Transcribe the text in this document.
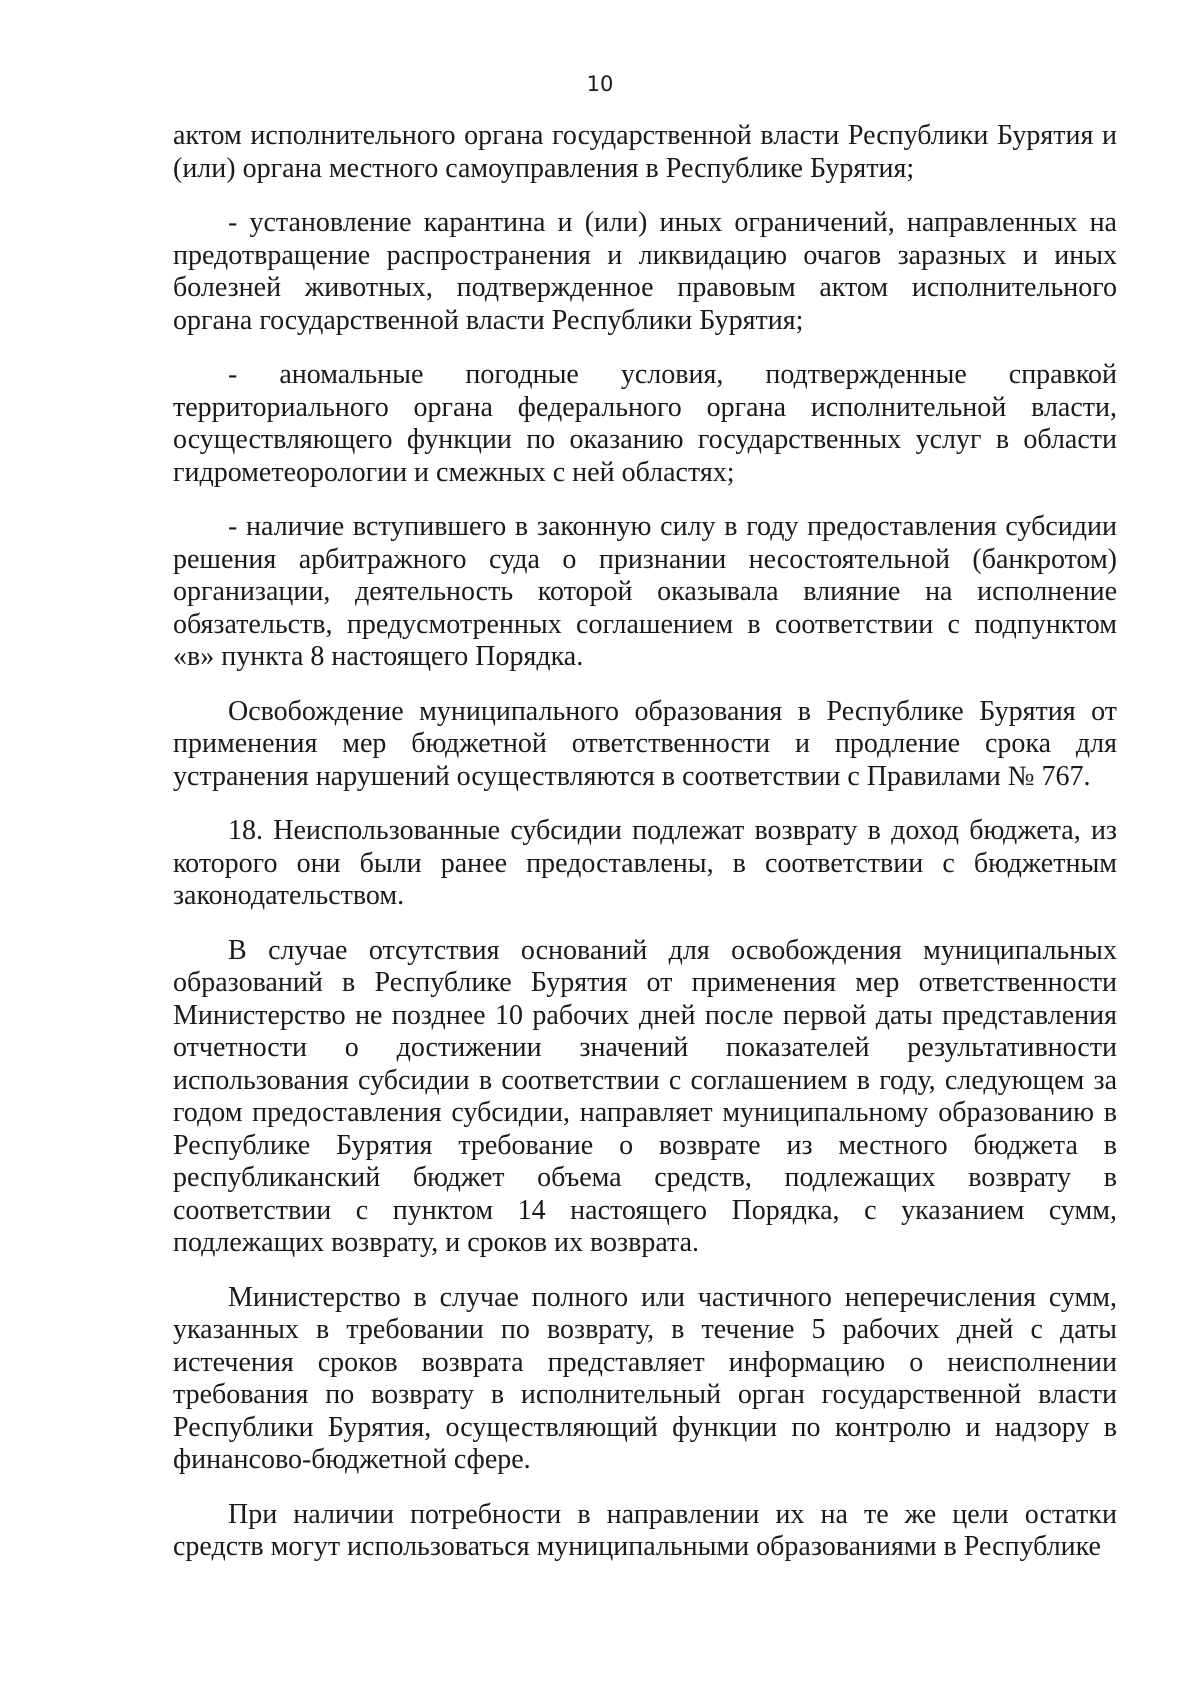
10

актом исполнительного органа государственной власти Республики Бурятия и (или) органа местного самоуправления в Республике Бурятия;

- установление карантина и (или) иных ограничений, направленных на предотвращение распространения и ликвидацию очагов заразных и иных болезней животных, подтвержденное правовым актом исполнительного органа государственной власти Республики Бурятия;

- аномальные погодные условия, подтвержденные справкой территориального органа федерального органа исполнительной власти, осуществляющего функции по оказанию государственных услуг в области гидрометеорологии и смежных с ней областях;

- наличие вступившего в законную силу в году предоставления субсидии решения арбитражного суда о признании несостоятельной (банкротом) организации, деятельность которой оказывала влияние на исполнение обязательств, предусмотренных соглашением в соответствии с подпунктом «в» пункта 8 настоящего Порядка.

Освобождение муниципального образования в Республике Бурятия от применения мер бюджетной ответственности и продление срока для устранения нарушений осуществляются в соответствии с Правилами № 767.

18. Неиспользованные субсидии подлежат возврату в доход бюджета, из которого они были ранее предоставлены, в соответствии с бюджетным законодательством.

В случае отсутствия оснований для освобождения муниципальных образований в Республике Бурятия от применения мер ответственности Министерство не позднее 10 рабочих дней после первой даты представления отчетности о достижении значений показателей результативности использования субсидии в соответствии с соглашением в году, следующем за годом предоставления субсидии, направляет муниципальному образованию в Республике Бурятия требование о возврате из местного бюджета в республиканский бюджет объема средств, подлежащих возврату в соответствии с пунктом 14 настоящего Порядка, с указанием сумм, подлежащих возврату, и сроков их возврата.

Министерство в случае полного или частичного неперечисления сумм, указанных в требовании по возврату, в течение 5 рабочих дней с даты истечения сроков возврата представляет информацию о неисполнении требования по возврату в исполнительный орган государственной власти Республики Бурятия, осуществляющий функции по контролю и надзору в финансово-бюджетной сфере.

При наличии потребности в направлении их на те же цели остатки средств могут использоваться муниципальными образованиями в Республике
